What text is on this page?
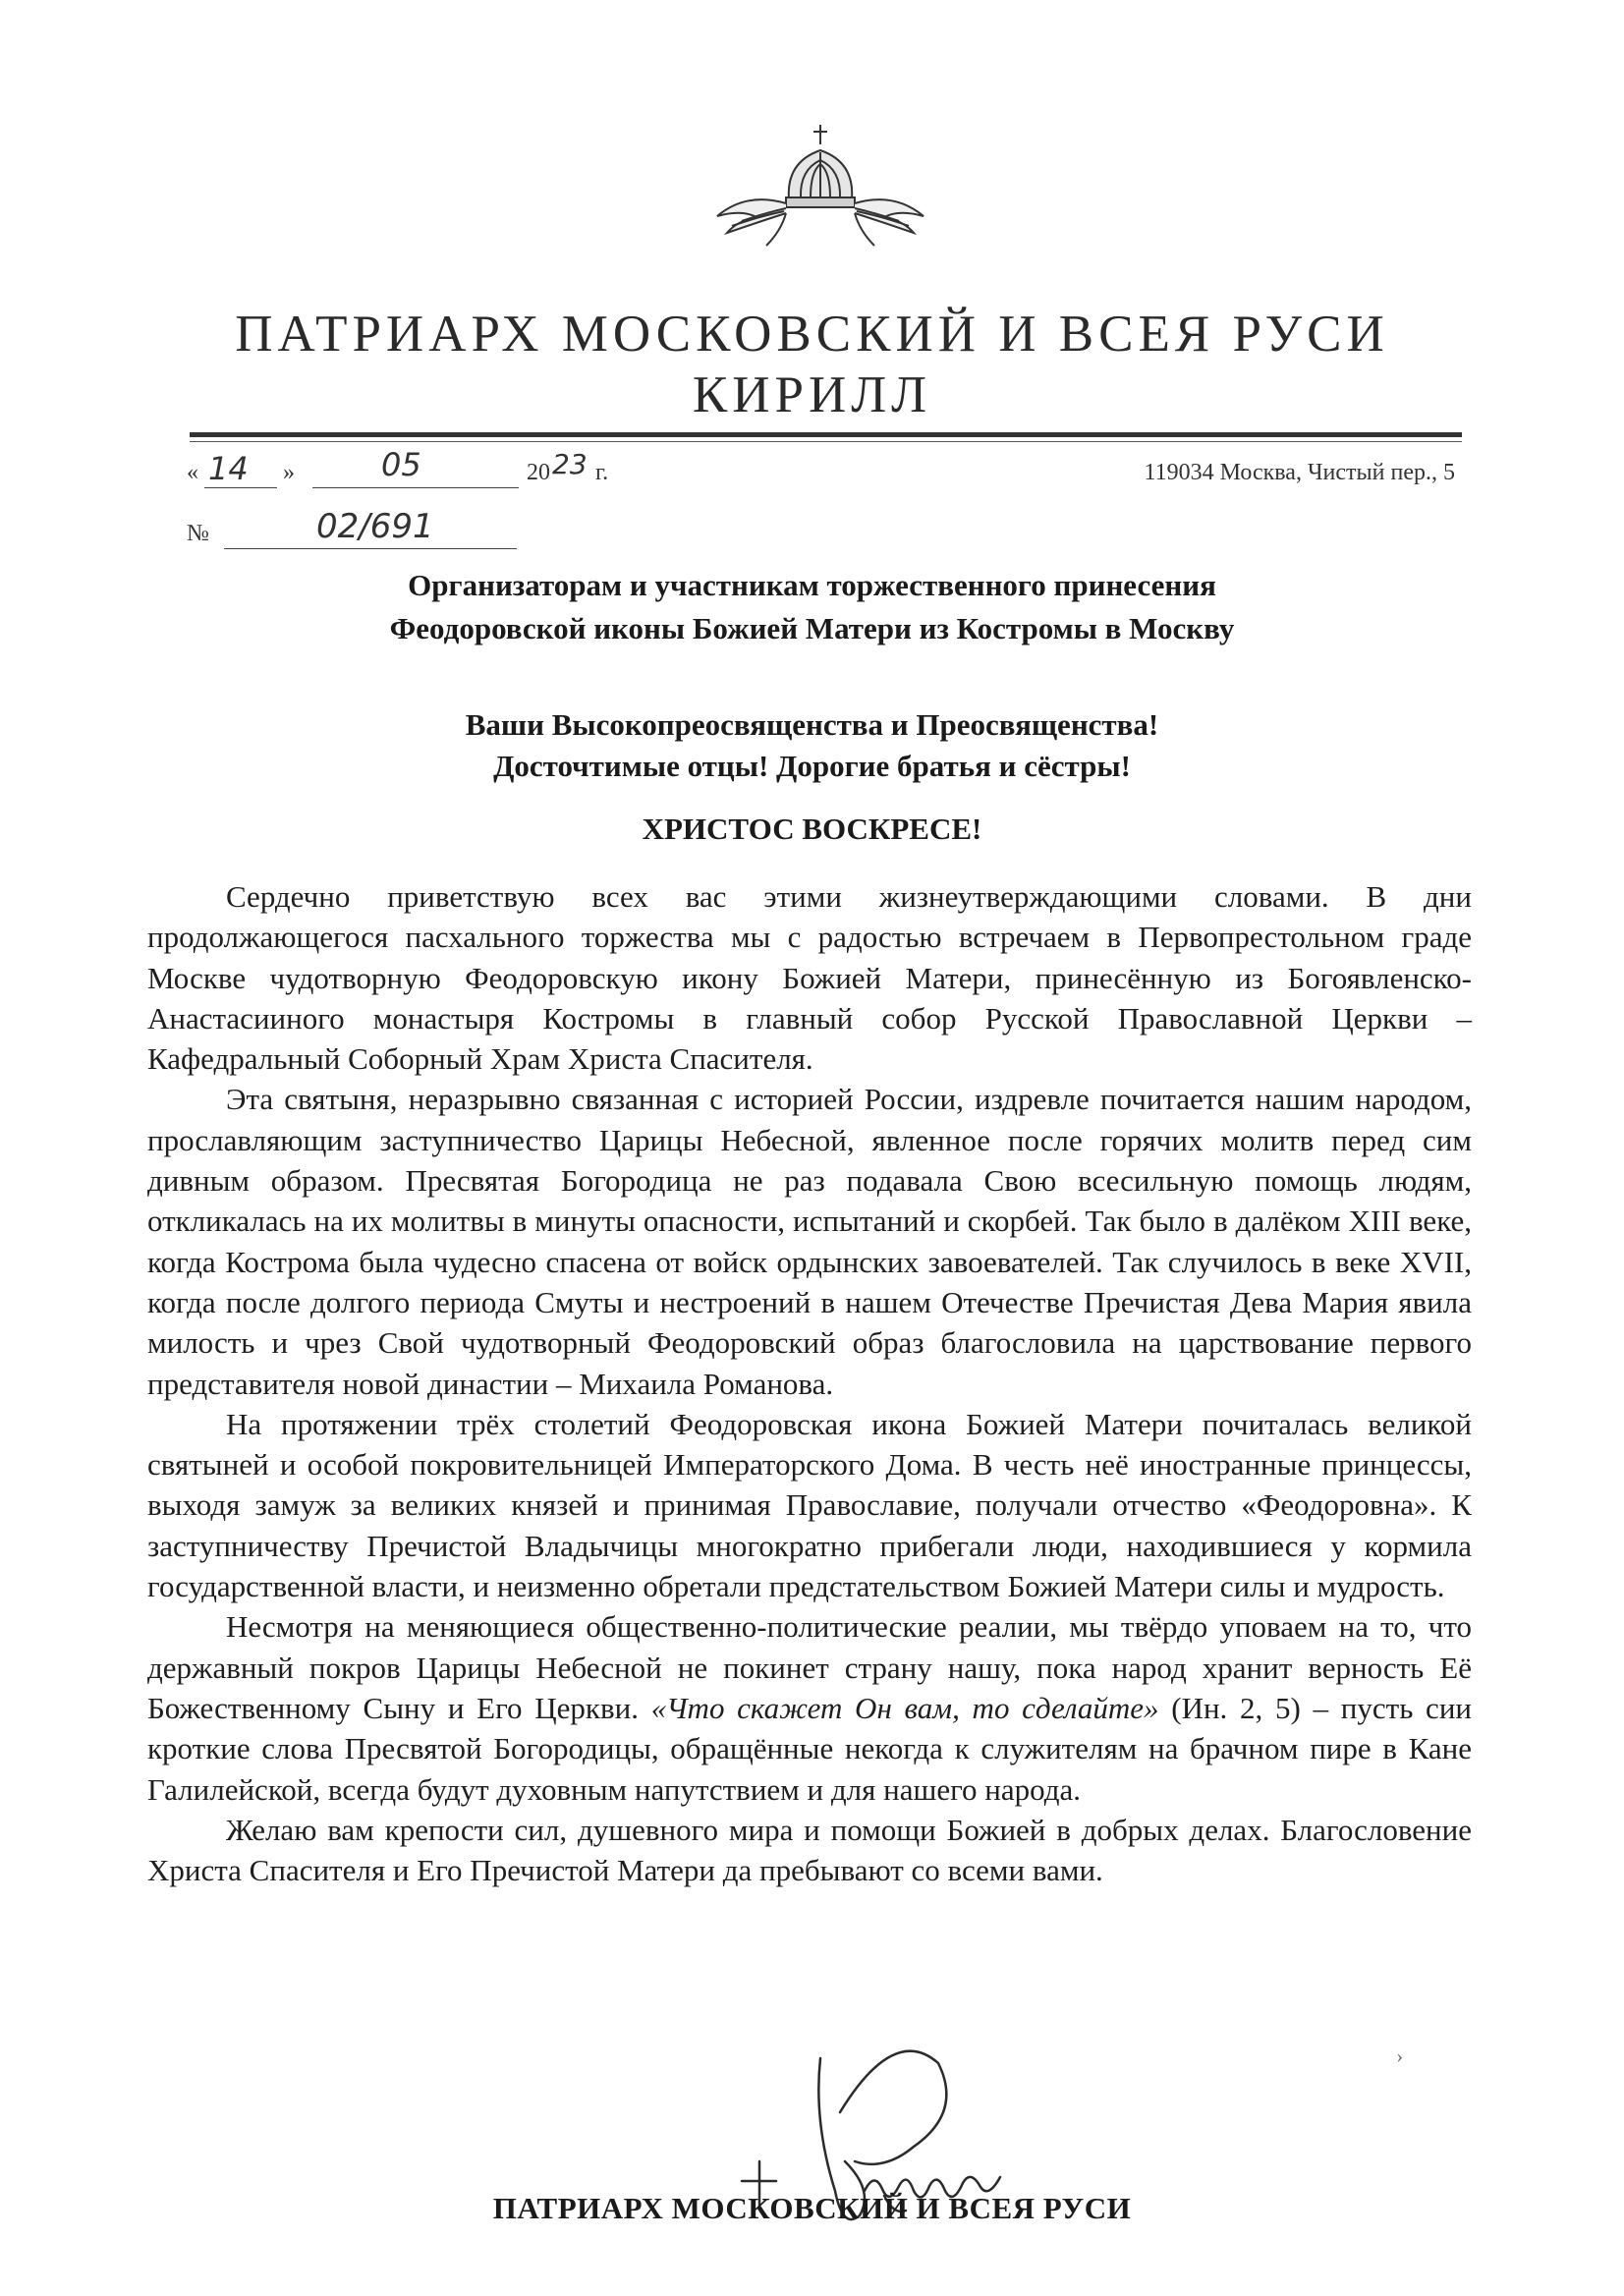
ПАТРИАРХ МОСКОВСКИЙ И ВСЕЯ РУСИ
КИРИЛЛ
« 14 »	05	20 23 г.	119034 Москва, Чистый пер., 5
№	02/691
Организаторам и участникам торжественного принесения
Феодоровской иконы Божией Матери из Костромы в Москву
Ваши Высокопреосвященства и Преосвященства!
Досточтимые отцы! Дорогие братья и сёстры!
ХРИСТОС ВОСКРЕСЕ!

Сердечно приветствую всех вас этими жизнеутверждающими словами. В дни продолжающегося пасхального торжества мы с радостью встречаем в Первопрестольном граде Москве чудотворную Феодоровскую икону Божией Матери, принесённую из Богоявленско-Анастасииного монастыря Костромы в главный собор Русской Православной Церкви – Кафедральный Соборный Храм Христа Спасителя.

Эта святыня, неразрывно связанная с историей России, издревле почитается нашим народом, прославляющим заступничество Царицы Небесной, явленное после горячих молитв перед сим дивным образом. Пресвятая Богородица не раз подавала Свою всесильную помощь людям, откликалась на их молитвы в минуты опасности, испытаний и скорбей. Так было в далёком XIII веке, когда Кострома была чудесно спасена от войск ордынских завоевателей. Так случилось в веке XVII, когда после долгого периода Смуты и нестроений в нашем Отечестве Пречистая Дева Мария явила милость и чрез Свой чудотворный Феодоровский образ благословила на царствование первого представителя новой династии – Михаила Романова.

На протяжении трёх столетий Феодоровская икона Божией Матери почиталась великой святыней и особой покровительницей Императорского Дома. В честь неё иностранные принцессы, выходя замуж за великих князей и принимая Православие, получали отчество «Феодоровна». К заступничеству Пречистой Владычицы многократно прибегали люди, находившиеся у кормила государственной власти, и неизменно обретали предстательством Божией Матери силы и мудрость.

Несмотря на меняющиеся общественно-политические реалии, мы твёрдо уповаем на то, что державный покров Царицы Небесной не покинет страну нашу, пока народ хранит верность Её Божественному Сыну и Его Церкви. «Что скажет Он вам, то сделайте» (Ин. 2, 5) – пусть сии кроткие слова Пресвятой Богородицы, обращённые некогда к служителям на брачном пире в Кане Галилейской, всегда будут духовным напутствием и для нашего народа.

Желаю вам крепости сил, душевного мира и помощи Божией в добрых делах. Благословение Христа Спасителя и Его Пречистой Матери да пребывают со всеми вами.

›
ПАТРИАРХ МОСКОВСКИЙ И ВСЕЯ РУСИ
